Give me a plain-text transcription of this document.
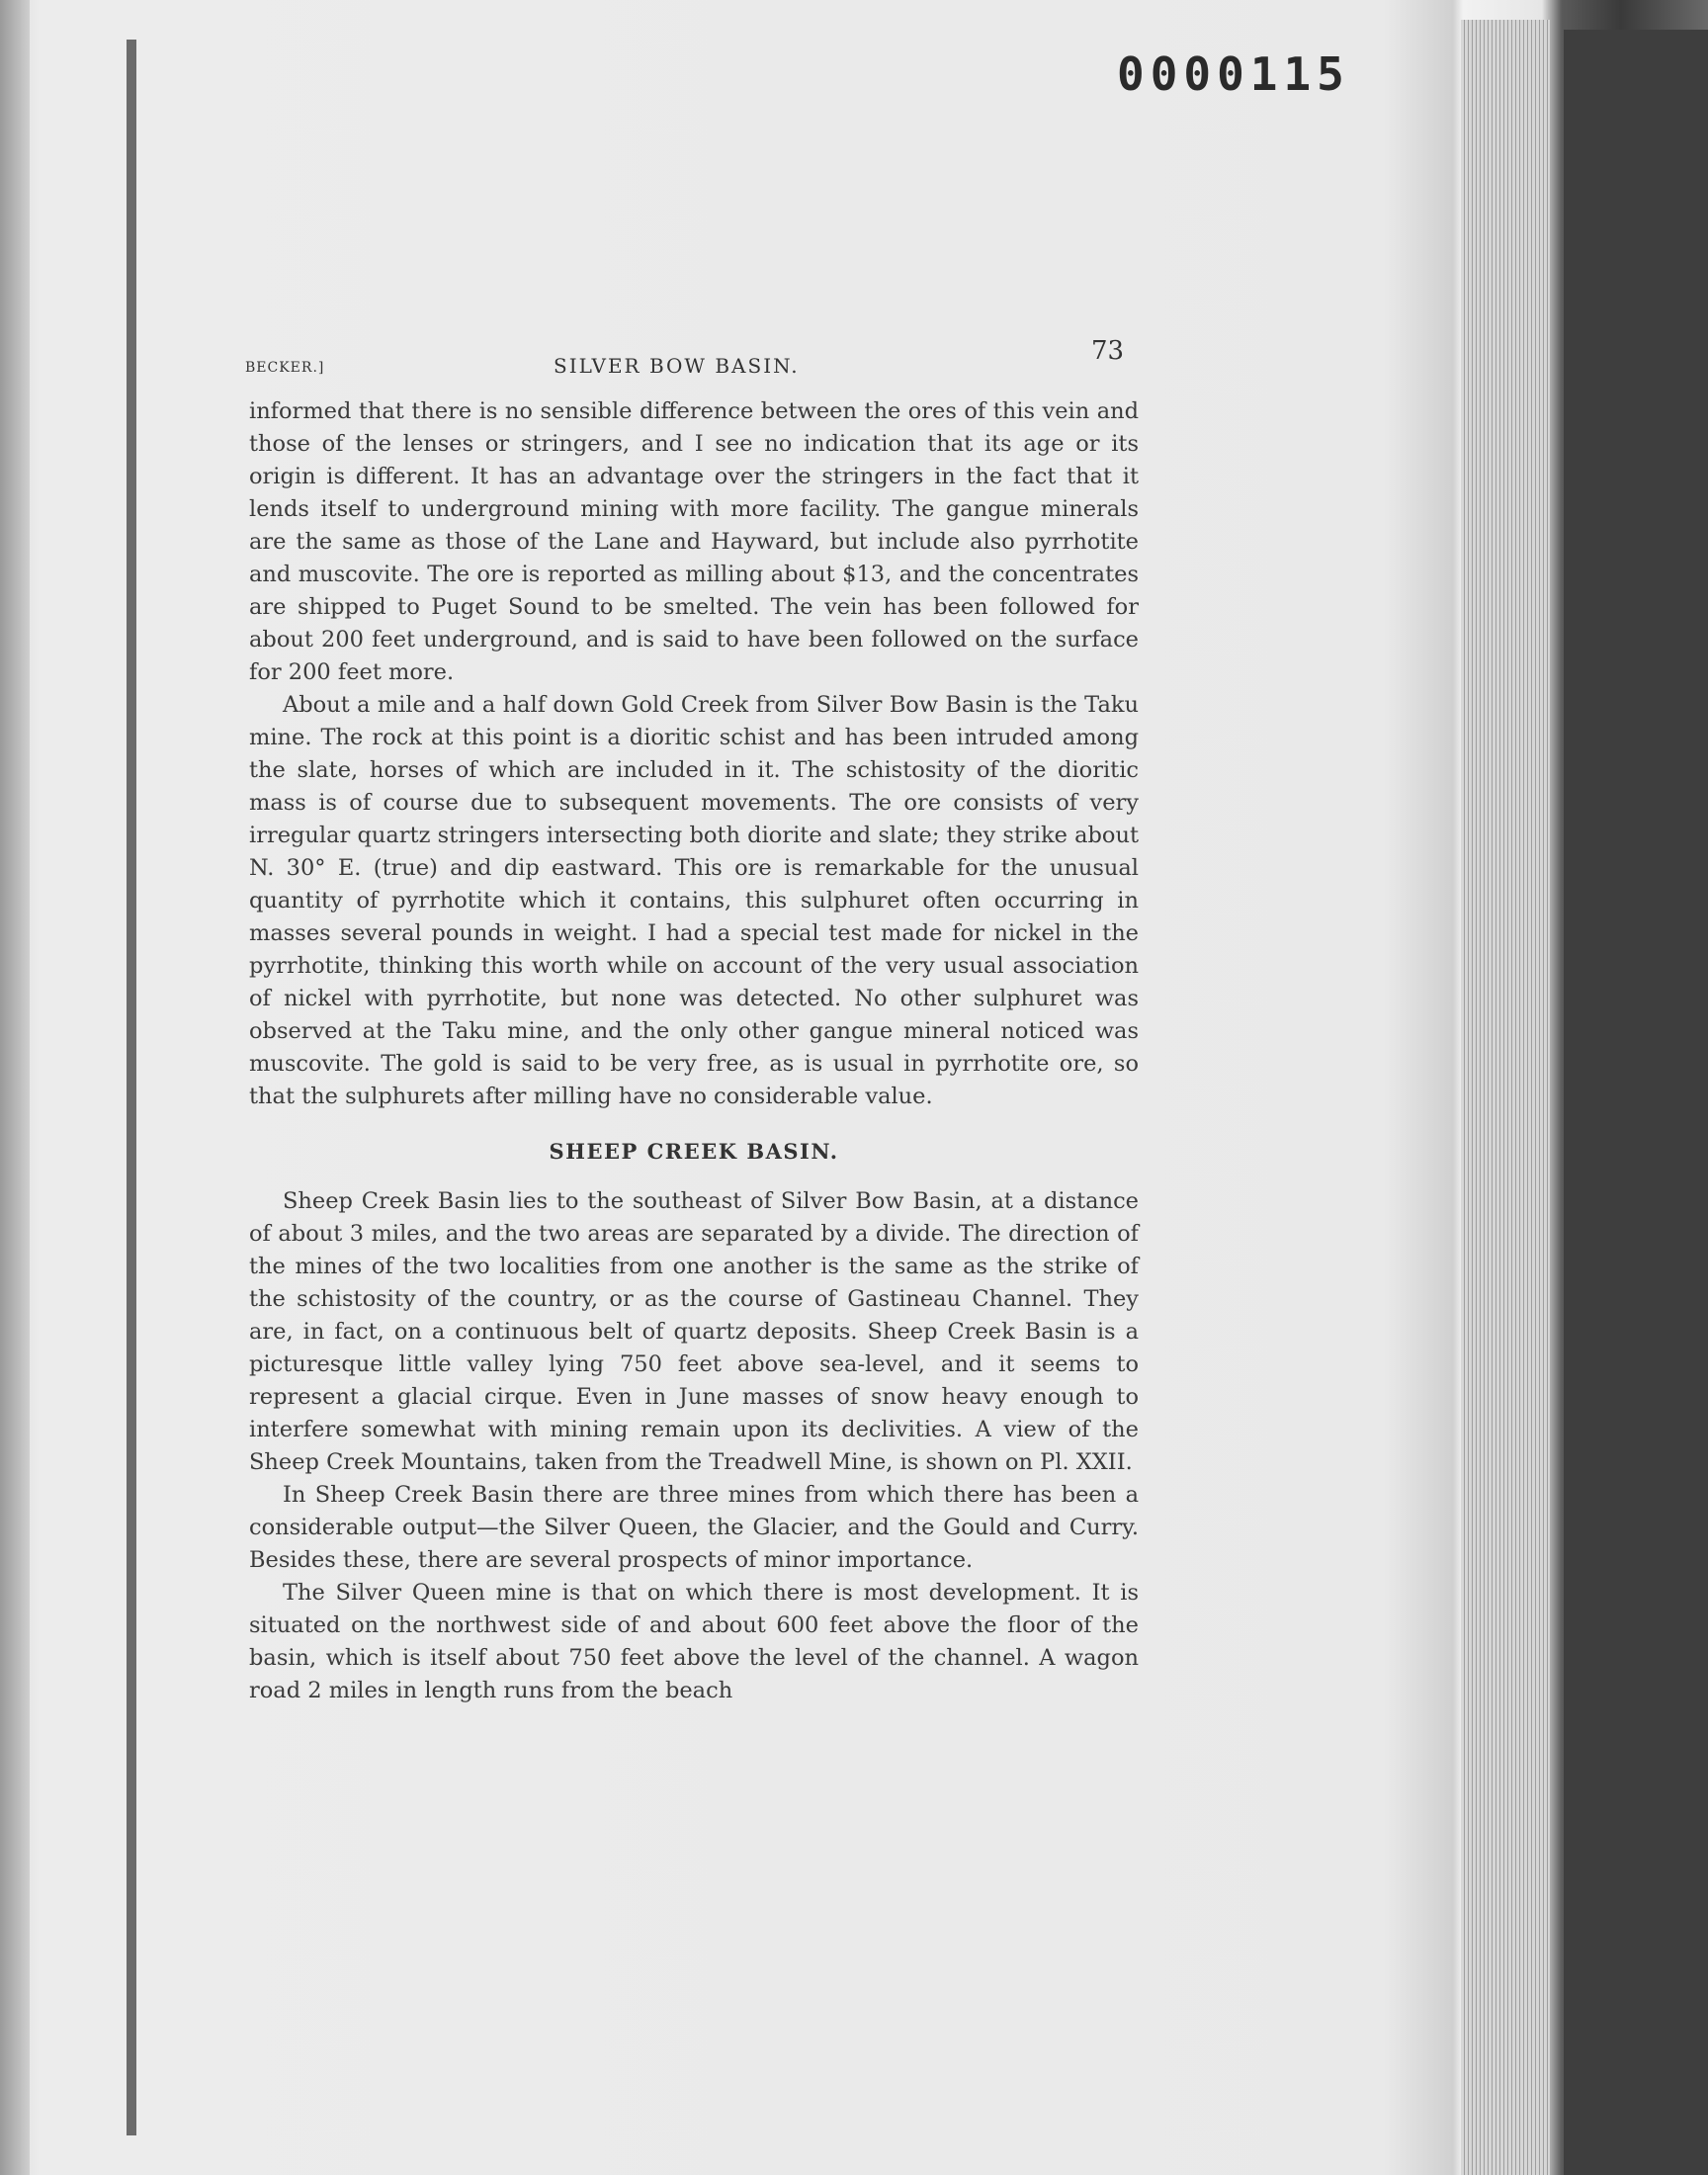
0000115
BECKER.]	SILVER BOW BASIN.	73

informed that there is no sensible difference between the ores of this vein and those of the lenses or stringers, and I see no indication that its age or its origin is different. It has an advantage over the stringers in the fact that it lends itself to underground mining with more facility. The gangue minerals are the same as those of the Lane and Hayward, but include also pyrrhotite and muscovite. The ore is reported as milling about $13, and the concentrates are shipped to Puget Sound to be smelted. The vein has been followed for about 200 feet underground, and is said to have been followed on the surface for 200 feet more.

About a mile and a half down Gold Creek from Silver Bow Basin is the Taku mine. The rock at this point is a dioritic schist and has been intruded among the slate, horses of which are included in it. The schistosity of the dioritic mass is of course due to subsequent movements. The ore consists of very irregular quartz stringers intersecting both diorite and slate; they strike about N. 30° E. (true) and dip eastward. This ore is remarkable for the unusual quantity of pyrrhotite which it contains, this sulphuret often occurring in masses several pounds in weight. I had a special test made for nickel in the pyrrhotite, thinking this worth while on account of the very usual association of nickel with pyrrhotite, but none was detected. No other sulphuret was observed at the Taku mine, and the only other gangue mineral noticed was muscovite. The gold is said to be very free, as is usual in pyrrhotite ore, so that the sulphurets after milling have no considerable value.

SHEEP CREEK BASIN.

Sheep Creek Basin lies to the southeast of Silver Bow Basin, at a distance of about 3 miles, and the two areas are separated by a divide. The direction of the mines of the two localities from one another is the same as the strike of the schistosity of the country, or as the course of Gastineau Channel. They are, in fact, on a continuous belt of quartz deposits. Sheep Creek Basin is a picturesque little valley lying 750 feet above sea-level, and it seems to represent a glacial cirque. Even in June masses of snow heavy enough to interfere somewhat with mining remain upon its declivities. A view of the Sheep Creek Mountains, taken from the Treadwell Mine, is shown on Pl. XXII.

In Sheep Creek Basin there are three mines from which there has been a considerable output—the Silver Queen, the Glacier, and the Gould and Curry. Besides these, there are several prospects of minor importance.

The Silver Queen mine is that on which there is most development. It is situated on the northwest side of and about 600 feet above the floor of the basin, which is itself about 750 feet above the level of the channel. A wagon road 2 miles in length runs from the beach
